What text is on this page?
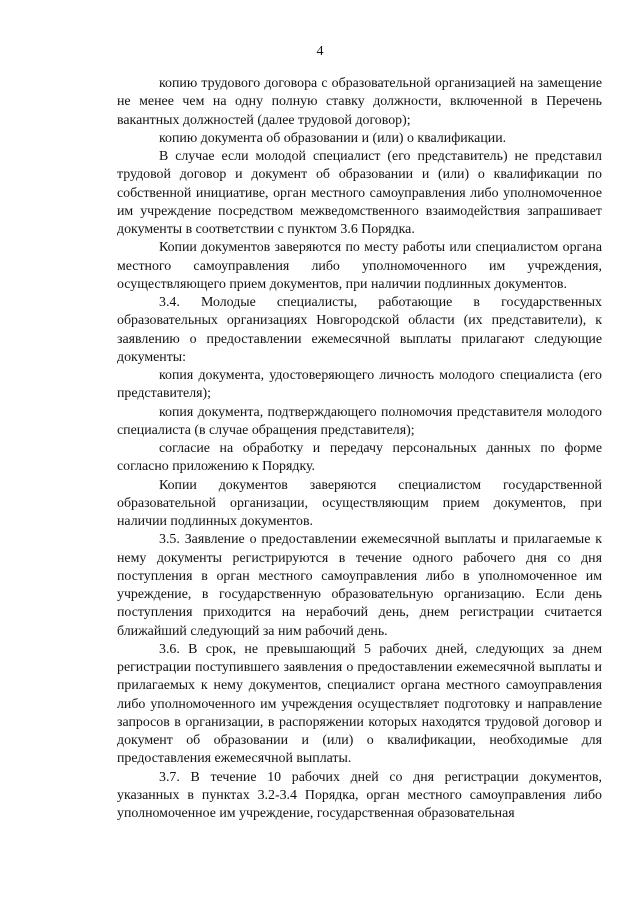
4

копию трудового договора с образовательной организацией на замещение не менее чем на одну полную ставку должности, включенной в Перечень вакантных должностей (далее трудовой договор);

копию документа об образовании и (или) о квалификации.

В случае если молодой специалист (его представитель) не представил трудовой договор и документ об образовании и (или) о квалификации по собственной инициативе, орган местного самоуправления либо уполномоченное им учреждение посредством межведомственного взаимодействия запрашивает документы в соответствии с пунктом 3.6 Порядка.

Копии документов заверяются по месту работы или специалистом органа местного самоуправления либо уполномоченного им учреждения, осуществляющего прием документов, при наличии подлинных документов.

3.4. Молодые специалисты, работающие в государственных образовательных организациях Новгородской области (их представители), к заявлению о предоставлении ежемесячной выплаты прилагают следующие документы:

копия документа, удостоверяющего личность молодого специалиста (его представителя);

копия документа, подтверждающего полномочия представителя молодого специалиста (в случае обращения представителя);

согласие на обработку и передачу персональных данных по форме согласно приложению к Порядку.

Копии документов заверяются специалистом государственной образовательной организации, осуществляющим прием документов, при наличии подлинных документов.

3.5. Заявление о предоставлении ежемесячной выплаты и прилагаемые к нему документы регистрируются в течение одного рабочего дня со дня поступления в орган местного самоуправления либо в уполномоченное им учреждение, в государственную образовательную организацию. Если день поступления приходится на нерабочий день, днем регистрации считается ближайший следующий за ним рабочий день.

3.6. В срок, не превышающий 5 рабочих дней, следующих за днем регистрации поступившего заявления о предоставлении ежемесячной выплаты и прилагаемых к нему документов, специалист органа местного самоуправления либо уполномоченного им учреждения осуществляет подготовку и направление запросов в организации, в распоряжении которых находятся трудовой договор и документ об образовании и (или) о квалификации, необходимые для предоставления ежемесячной выплаты.

3.7. В течение 10 рабочих дней со дня регистрации документов, указанных в пунктах 3.2-3.4 Порядка, орган местного самоуправления либо уполномоченное им учреждение, государственная образовательная
